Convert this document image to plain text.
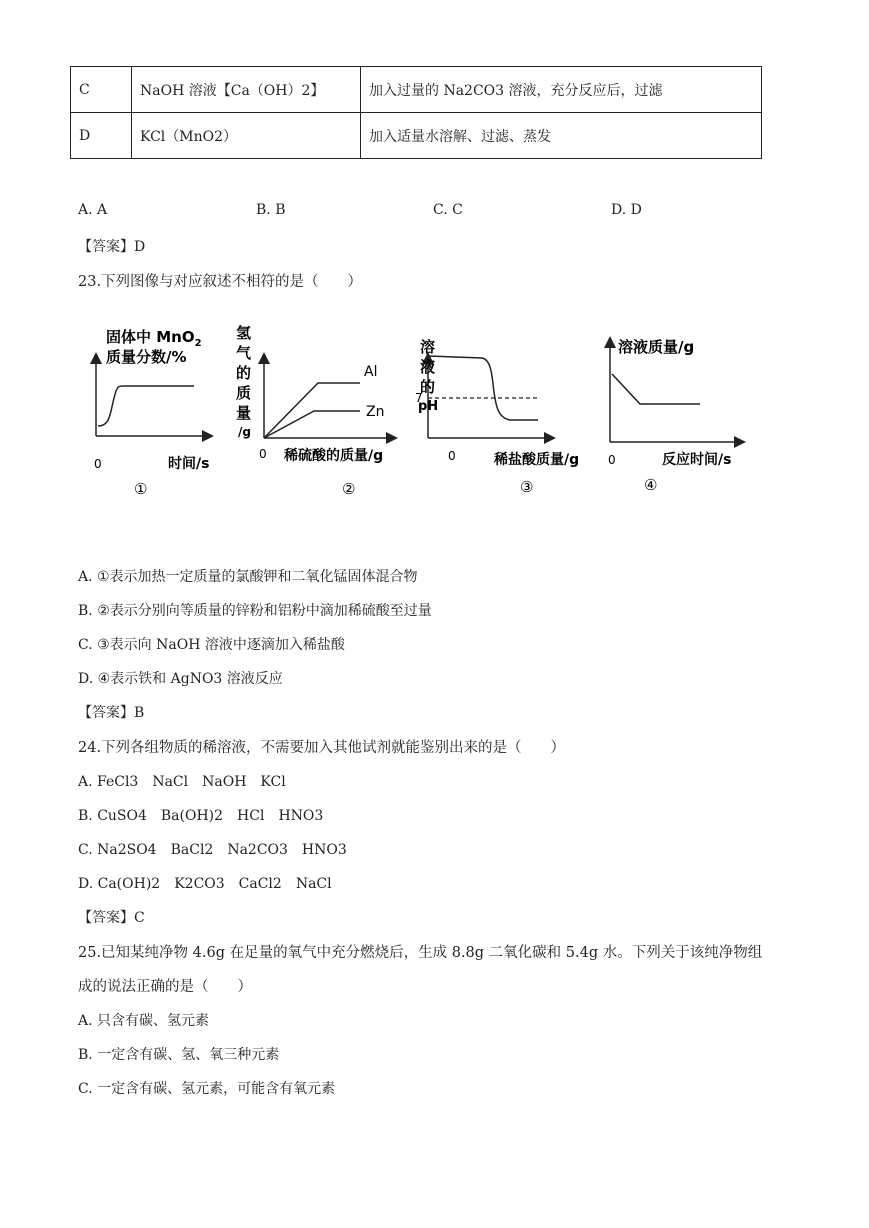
C	NaOH 溶液【Ca（OH）2】	加入过量的 Na2CO3 溶液，充分反应后，过滤
D	KCl（MnO2）	加入适量水溶解、过滤、蒸发
A. A	B. B	C. C	D. D
【答案】D
23.下列图像与对应叙述不相符的是（　　）
固体中 MnO$_2$
质量分数/%
0	时间/s
①
Al
Zn
氢
气
的
质
量
/g
0 稀硫酸的质量/g
②
7
溶
液
的
pH
0	稀盐酸质量/g
③
溶液质量/g
0	反应时间/s
④
A. ①表示加热一定质量的氯酸钾和二氧化锰固体混合物
B. ②表示分别向等质量的锌粉和铝粉中滴加稀硫酸至过量
C. ③表示向 NaOH 溶液中逐滴加入稀盐酸
D. ④表示铁和 AgNO3 溶液反应
【答案】B
24.下列各组物质的稀溶液，不需要加入其他试剂就能鉴别出来的是（　　）
A. FeCl3　NaCl　NaOH　KCl
B. CuSO4　Ba(OH)2　HCl　HNO3
C. Na2SO4　BaCl2　Na2CO3　HNO3
D. Ca(OH)2　K2CO3　CaCl2　NaCl
【答案】C
25.已知某纯净物 4.6g 在足量的氧气中充分燃烧后，生成 8.8g 二氧化碳和 5.4g 水。下列关于该纯净物组
成的说法正确的是（　　）
A. 只含有碳、氢元素
B. 一定含有碳、氢、氧三种元素
C. 一定含有碳、氢元素，可能含有氧元素
